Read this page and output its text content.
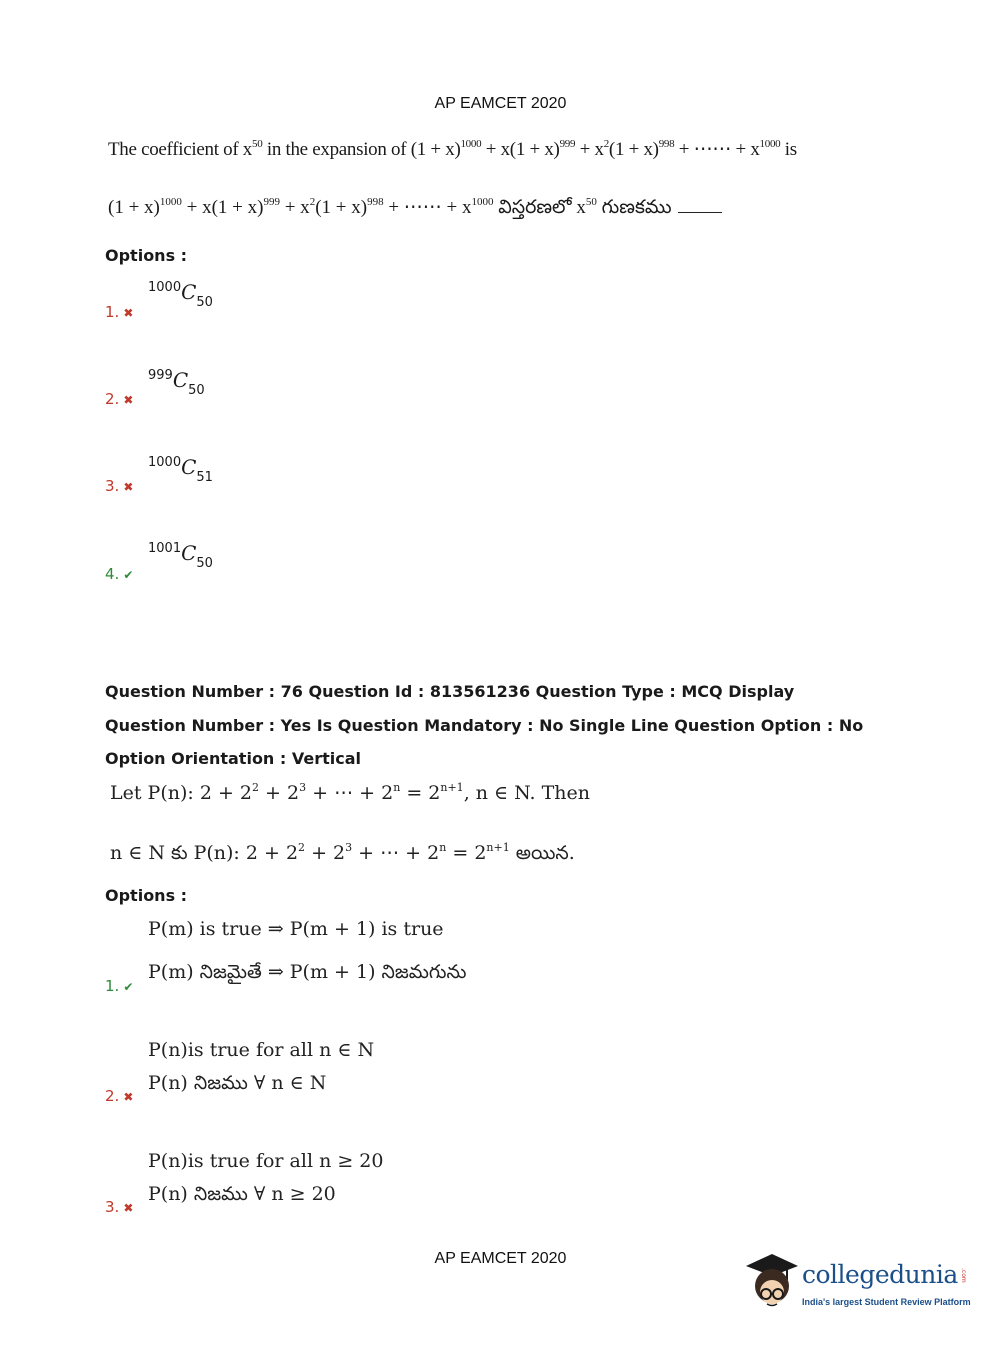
AP EAMCET 2020
The coefficient of $x^{50}$ in the expansion of $(1 + x)^{1000} + x(1 + x)^{999} + x^2(1 + x)^{998}$ + ⋯⋯ + $x^{1000}$ is
$(1 + x)^{1000} + x(1 + x)^{999} + x^2(1 + x)^{998}$ + ⋯⋯ + $x^{1000}$ విస్తరణలో $x^{50}$ గుణకము
Options :
1000C50
1. ✖
999C50
2. ✖
1000C51
3. ✖
1001C50
4. ✔
Question Number : 76 Question Id : 813561236 Question Type : MCQ Display Question Number : Yes Is Question Mandatory : No Single Line Question Option : No Option Orientation : Vertical
Let P(n): $2 + 2^2 + 2^3$ + ⋯ + $2^n = 2^{n+1}$, n ∈ N. Then
n ∈ N కు P(n): $2 + 2^2 + 2^3$ + ⋯ + $2^n = 2^{n+1}$ అయిన.
Options :
P(m) is true ⇒ P(m + 1) is true
P(m) నిజమైతే ⇒ P(m + 1) నిజమగును
1. ✔
P(n)is true for all n ∈ N
P(n) నిజము ∀ n ∈ N
2. ✖
P(n)is true for all n ≥ 20
P(n) నిజము ∀ n ≥ 20
3. ✖
AP EAMCET 2020
collegedunia .com
India's largest Student Review Platform
